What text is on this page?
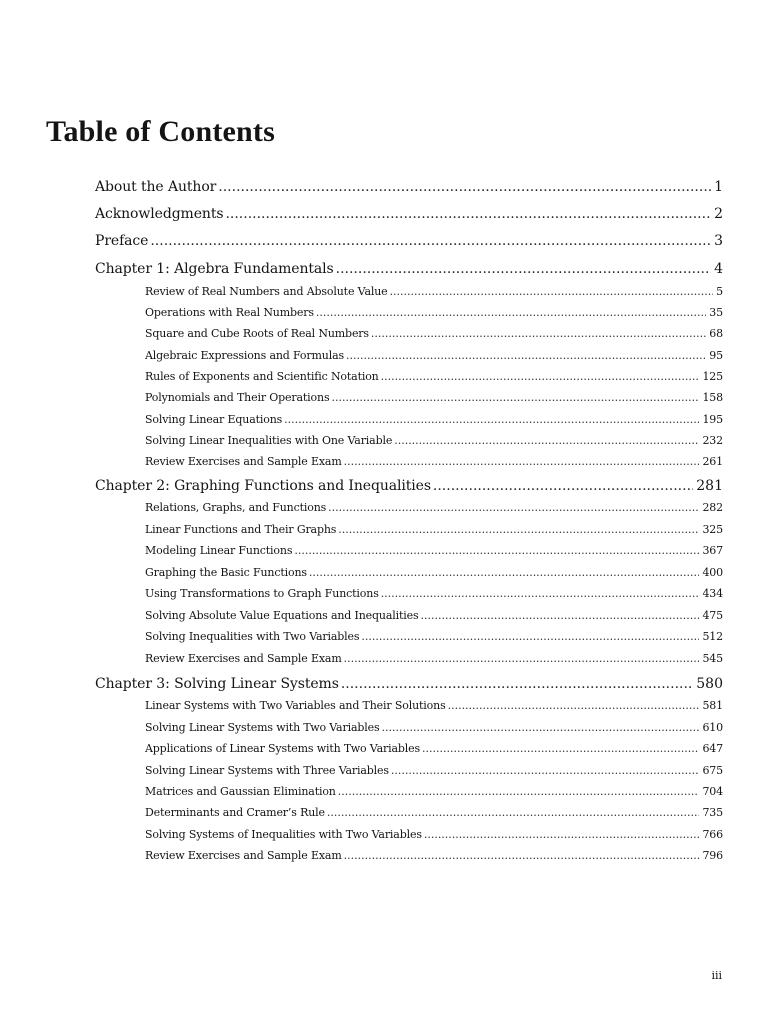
Table of Contents
About the Author .....	1
Acknowledgments .....	2
Preface .....	3
Chapter 1: Algebra Fundamentals .....	4
Review of Real Numbers and Absolute Value .....	5
Operations with Real Numbers .....	35
Square and Cube Roots of Real Numbers .....	68
Algebraic Expressions and Formulas .....	95
Rules of Exponents and Scientific Notation .....	125
Polynomials and Their Operations .....	158
Solving Linear Equations .....	195
Solving Linear Inequalities with One Variable .....	232
Review Exercises and Sample Exam .....	261
Chapter 2: Graphing Functions and Inequalities .....	281
Relations, Graphs, and Functions .....	282
Linear Functions and Their Graphs .....	325
Modeling Linear Functions .....	367
Graphing the Basic Functions .....	400
Using Transformations to Graph Functions .....	434
Solving Absolute Value Equations and Inequalities .....	475
Solving Inequalities with Two Variables .....	512
Review Exercises and Sample Exam .....	545
Chapter 3: Solving Linear Systems .....	580
Linear Systems with Two Variables and Their Solutions .....	581
Solving Linear Systems with Two Variables .....	610
Applications of Linear Systems with Two Variables .....	647
Solving Linear Systems with Three Variables .....	675
Matrices and Gaussian Elimination .....	704
Determinants and Cramer’s Rule .....	735
Solving Systems of Inequalities with Two Variables .....	766
Review Exercises and Sample Exam .....	796
iii
